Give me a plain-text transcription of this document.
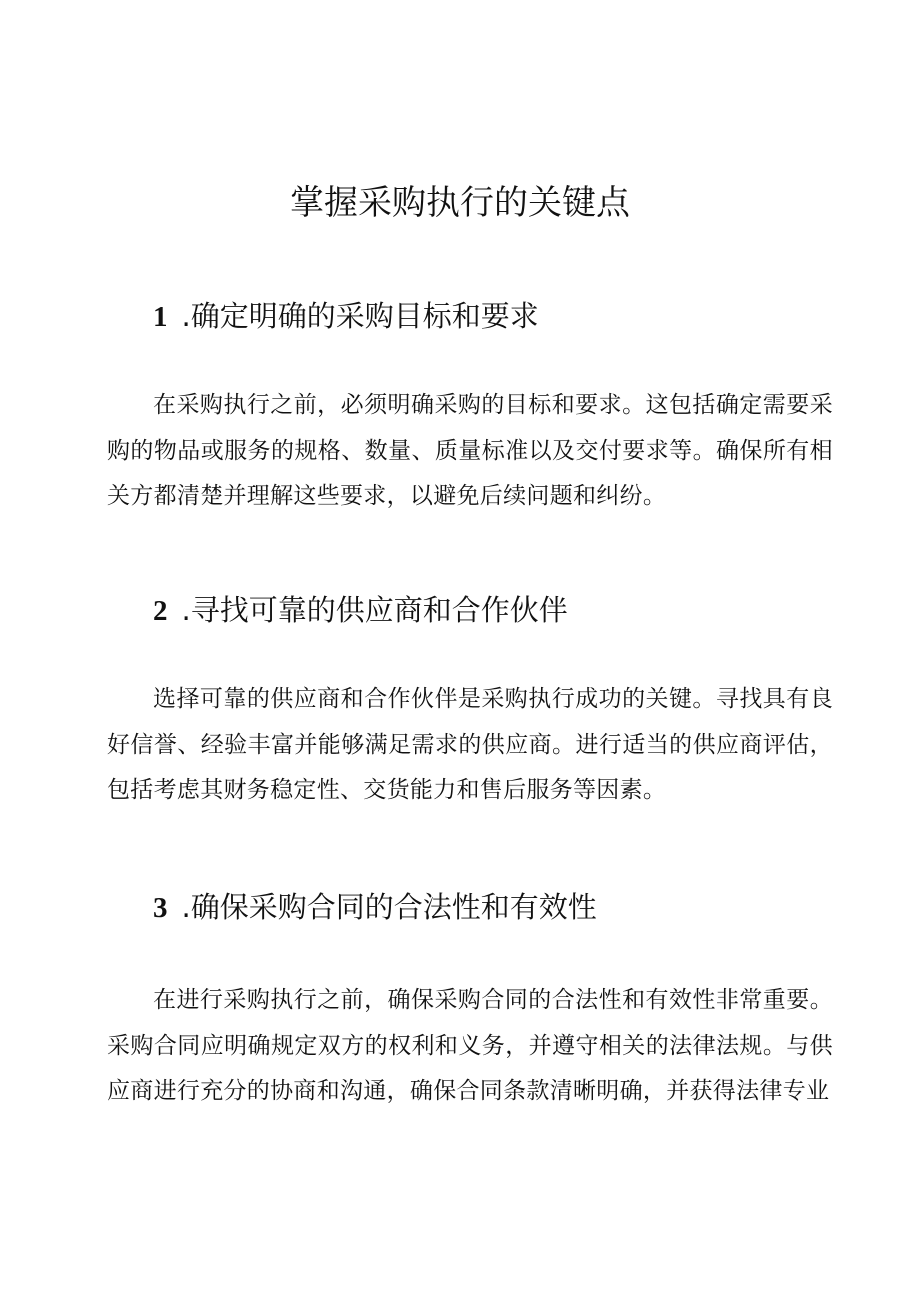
掌握采购执行的关键点
1 .确定明确的采购目标和要求

在采购执行之前，必须明确采购的目标和要求。这包括确定需要采购的物品或服务的规格、数量、质量标准以及交付要求等。确保所有相关方都清楚并理解这些要求，以避免后续问题和纠纷。

2 .寻找可靠的供应商和合作伙伴

选择可靠的供应商和合作伙伴是采购执行成功的关键。寻找具有良好信誉、经验丰富并能够满足需求的供应商。进行适当的供应商评估，包括考虑其财务稳定性、交货能力和售后服务等因素。

3 .确保采购合同的合法性和有效性

在进行采购执行之前，确保采购合同的合法性和有效性非常重要。采购合同应明确规定双方的权利和义务，并遵守相关的法律法规。与供应商进行充分的协商和沟通，确保合同条款清晰明确，并获得法律专业
